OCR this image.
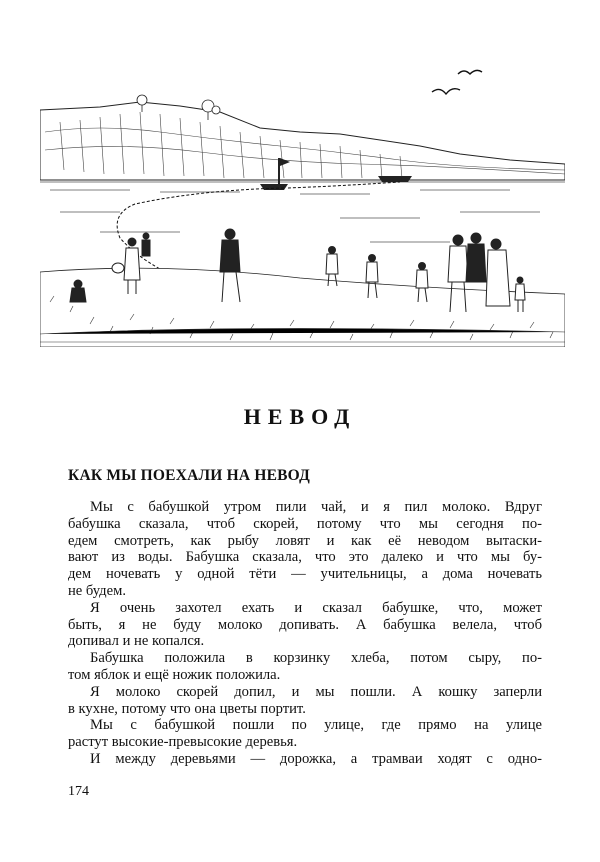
НЕВОД
КАК МЫ ПОЕХАЛИ НА НЕВОД
Мы с бабушкой утром пили чай, и я пил молоко. Вдруг
бабушка сказала, чтоб скорей, потому что мы сегодня по-
едем смотреть, как рыбу ловят и как её неводом вытаски-
вают из воды. Бабушка сказала, что это далеко и что мы бу-
дем ночевать у одной тёти — учительницы, а дома ночевать
не будем.
Я очень захотел ехать и сказал бабушке, что, может
быть, я не буду молоко допивать. А бабушка велела, чтоб
допивал и не копался.
Бабушка положила в корзинку хлеба, потом сыру, по-
том яблок и ещё ножик положила.
Я молоко скорей допил, и мы пошли. А кошку заперли
в кухне, потому что она цветы портит.
Мы с бабушкой пошли по улице, где прямо на улице
растут высокие-превысокие деревья.
И между деревьями — дорожка, а трамваи ходят с одно-
174
